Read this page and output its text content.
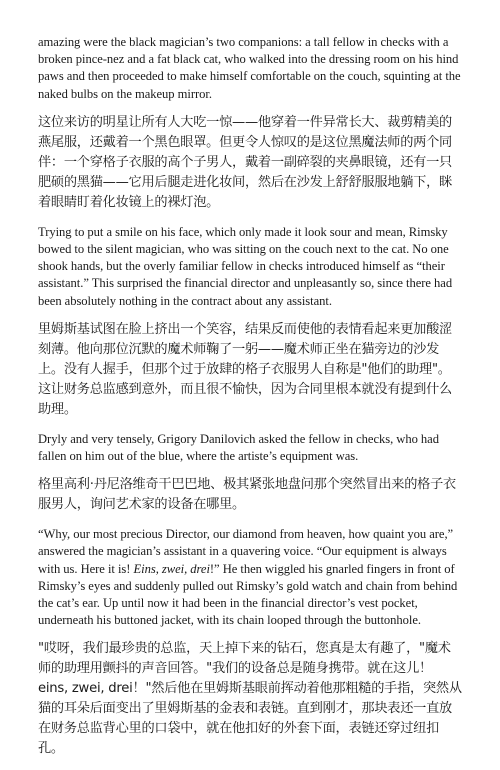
amazing were the black magician’s two companions: a tall fellow in checks with a broken pince-nez and a fat black cat, who walked into the dressing room on his hind paws and then proceeded to make himself comfortable on the couch, squinting at the naked bulbs on the makeup mirror.

这位来访的明星让所有人大吃一惊——他穿着一件异常长大、裁剪精美的燕尾服，还戴着一个黑色眼罩。但更令人惊叹的是这位黑魔法师的两个同伴：一个穿格子衣服的高个子男人，戴着一副碎裂的夹鼻眼镜，还有一只肥硕的黑猫——它用后腿走进化妆间，然后在沙发上舒舒服服地躺下，眯着眼睛盯着化妆镜上的裸灯泡。

Trying to put a smile on his face, which only made it look sour and mean, Rimsky bowed to the silent magician, who was sitting on the couch next to the cat. No one shook hands, but the overly familiar fellow in checks introduced himself as “their assistant.” This surprised the financial director and unpleasantly so, since there had been absolutely nothing in the contract about any assistant.

里姆斯基试图在脸上挤出一个笑容，结果反而使他的表情看起来更加酸涩刻薄。他向那位沉默的魔术师鞠了一躬——魔术师正坐在猫旁边的沙发上。没有人握手，但那个过于放肆的格子衣服男人自称是"他们的助理"。这让财务总监感到意外，而且很不愉快，因为合同里根本就没有提到什么助理。

Dryly and very tensely, Grigory Danilovich asked the fellow in checks, who had fallen on him out of the blue, where the artiste’s equipment was.

格里高利·丹尼洛维奇干巴巴地、极其紧张地盘问那个突然冒出来的格子衣服男人，询问艺术家的设备在哪里。

“Why, our most precious Director, our diamond from heaven, how quaint you are,” answered the magician’s assistant in a quavering voice. “Our equipment is always with us. Here it is! Eins, zwei, drei!” He then wiggled his gnarled fingers in front of Rimsky’s eyes and suddenly pulled out Rimsky’s gold watch and chain from behind the cat’s ear. Up until now it had been in the financial director’s vest pocket, underneath his buttoned jacket, with its chain looped through the buttonhole.

"哎呀，我们最珍贵的总监，天上掉下来的钻石，您真是太有趣了，"魔术师的助理用颤抖的声音回答。"我们的设备总是随身携带。就在这儿！ eins, zwei, drei！"然后他在里姆斯基眼前挥动着他那粗糙的手指，突然从猫的耳朵后面变出了里姆斯基的金表和表链。直到刚才，那块表还一直放在财务总监背心里的口袋中，就在他扣好的外套下面，表链还穿过纽扣孔。
